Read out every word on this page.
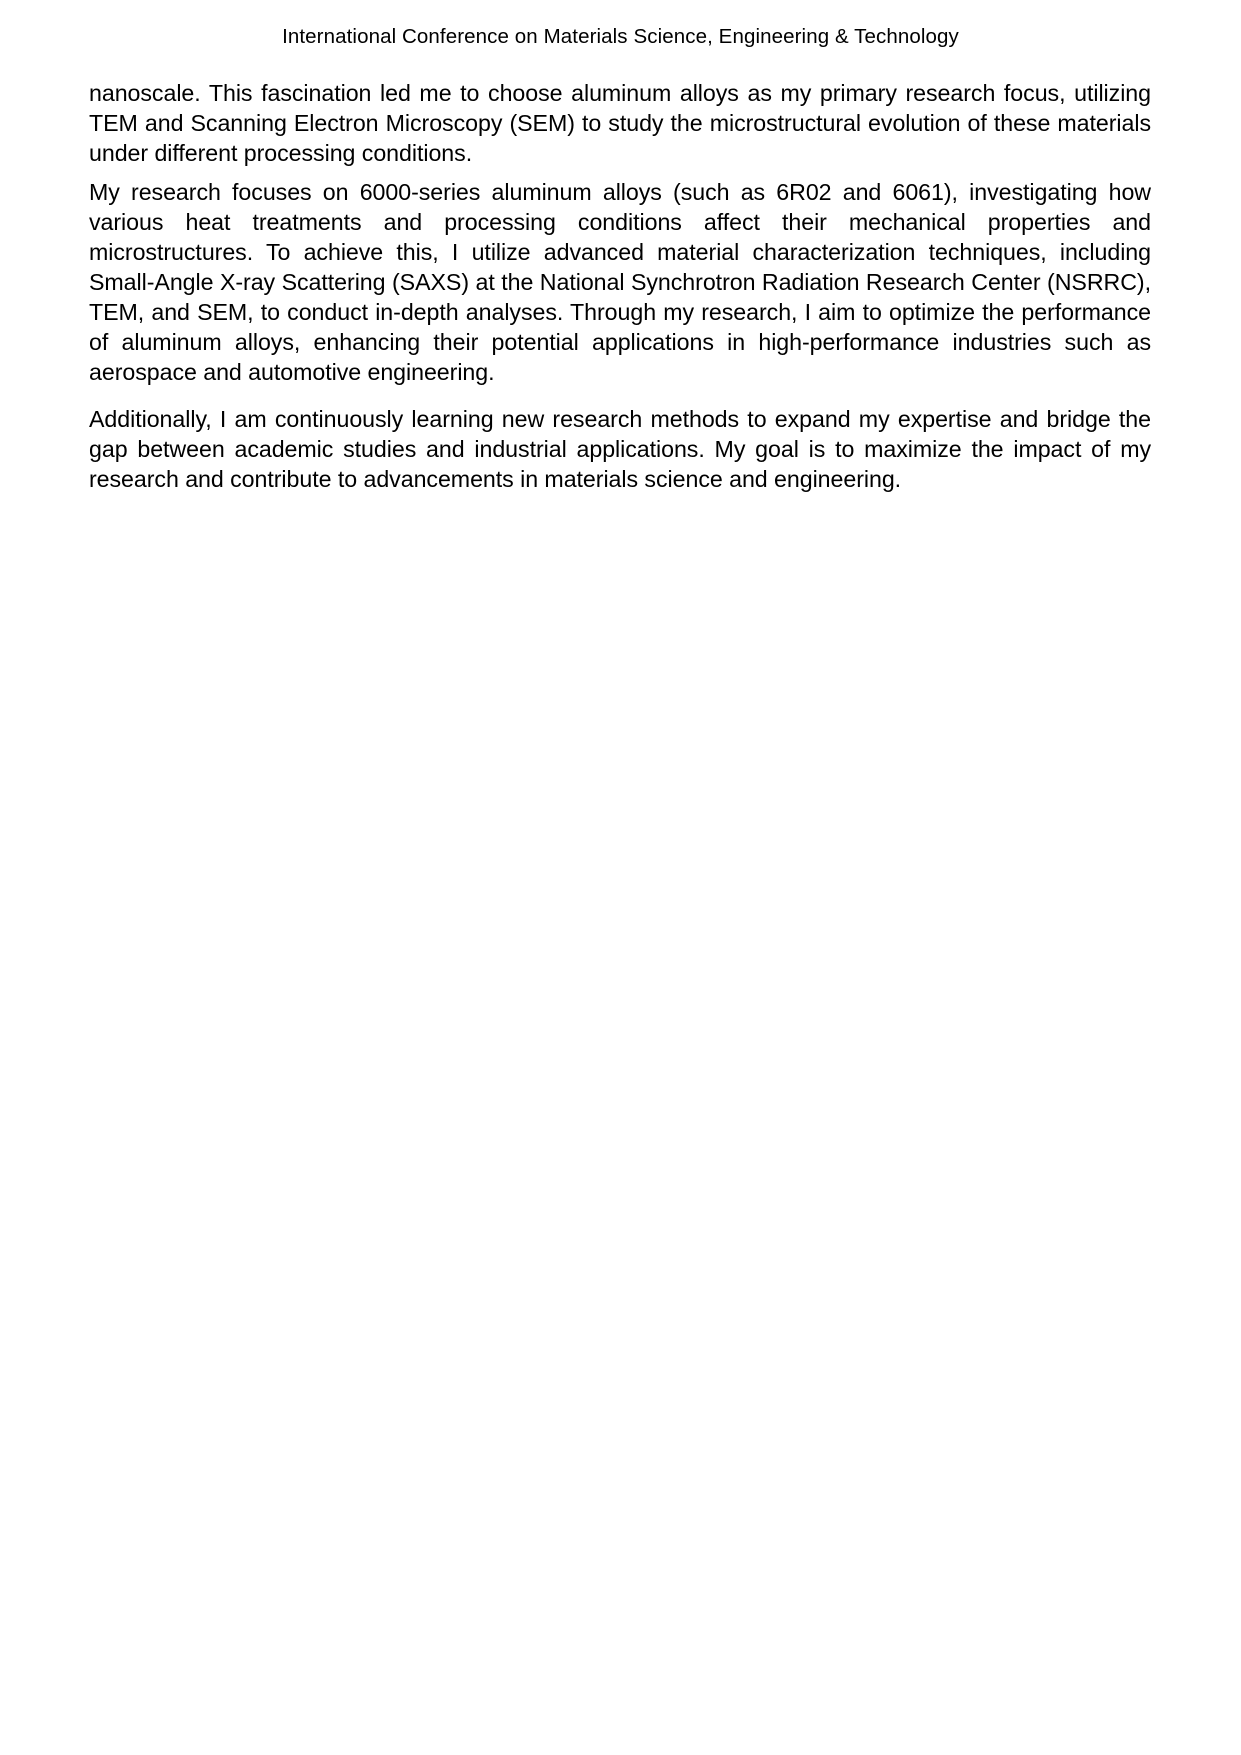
International Conference on Materials Science, Engineering & Technology

nanoscale. This fascination led me to choose aluminum alloys as my primary research focus, utilizing TEM and Scanning Electron Microscopy (SEM) to study the microstructural evolution of these materials under different processing conditions.

My research focuses on 6000-series aluminum alloys (such as 6R02 and 6061), investigating how various heat treatments and processing conditions affect their mechanical properties and microstructures. To achieve this, I utilize advanced material characterization techniques, including Small-Angle X-ray Scattering (SAXS) at the National Synchrotron Radiation Research Center (NSRRC), TEM, and SEM, to conduct in-depth analyses. Through my research, I aim to optimize the performance of aluminum alloys, enhancing their potential applications in high-performance industries such as aerospace and automotive engineering.

Additionally, I am continuously learning new research methods to expand my expertise and bridge the gap between academic studies and industrial applications. My goal is to maximize the impact of my research and contribute to advancements in materials science and engineering.
